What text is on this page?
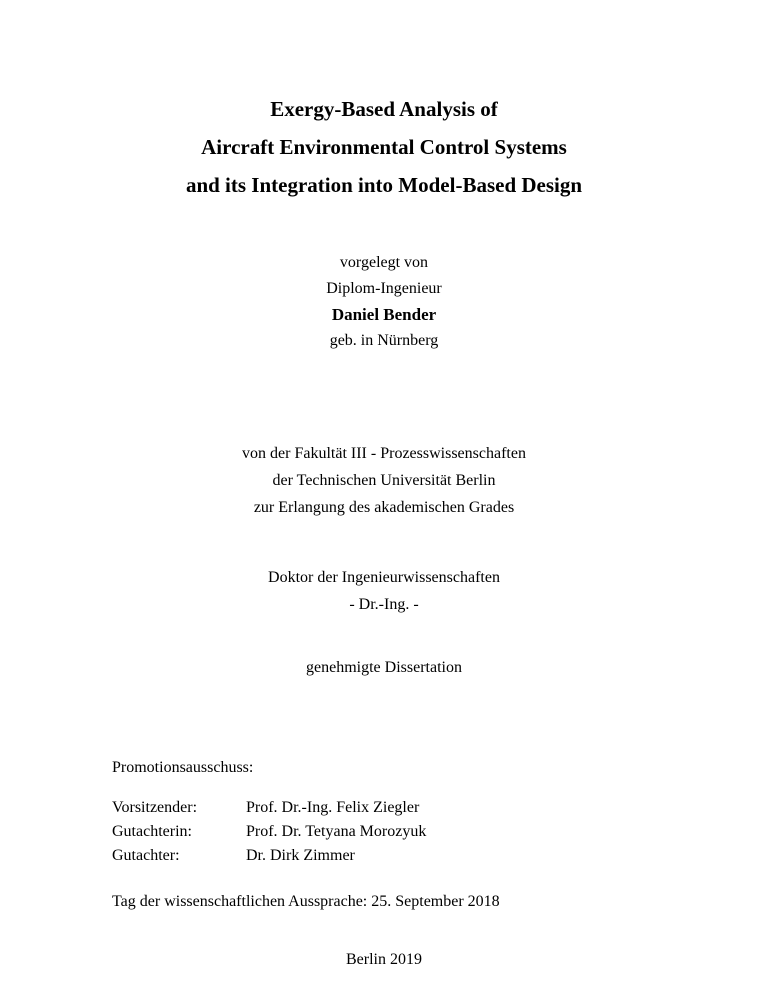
Exergy-Based Analysis of
Aircraft Environmental Control Systems
and its Integration into Model-Based Design
vorgelegt von
Diplom-Ingenieur
Daniel Bender
geb. in Nürnberg
von der Fakultät III - Prozesswissenschaften
der Technischen Universität Berlin
zur Erlangung des akademischen Grades
Doktor der Ingenieurwissenschaften
- Dr.-Ing. -
genehmigte Dissertation
Promotionsausschuss:
Vorsitzender:	Prof. Dr.-Ing. Felix Ziegler
Gutachterin:	Prof. Dr. Tetyana Morozyuk
Gutachter:	Dr. Dirk Zimmer
Tag der wissenschaftlichen Aussprache: 25. September 2018
Berlin 2019
